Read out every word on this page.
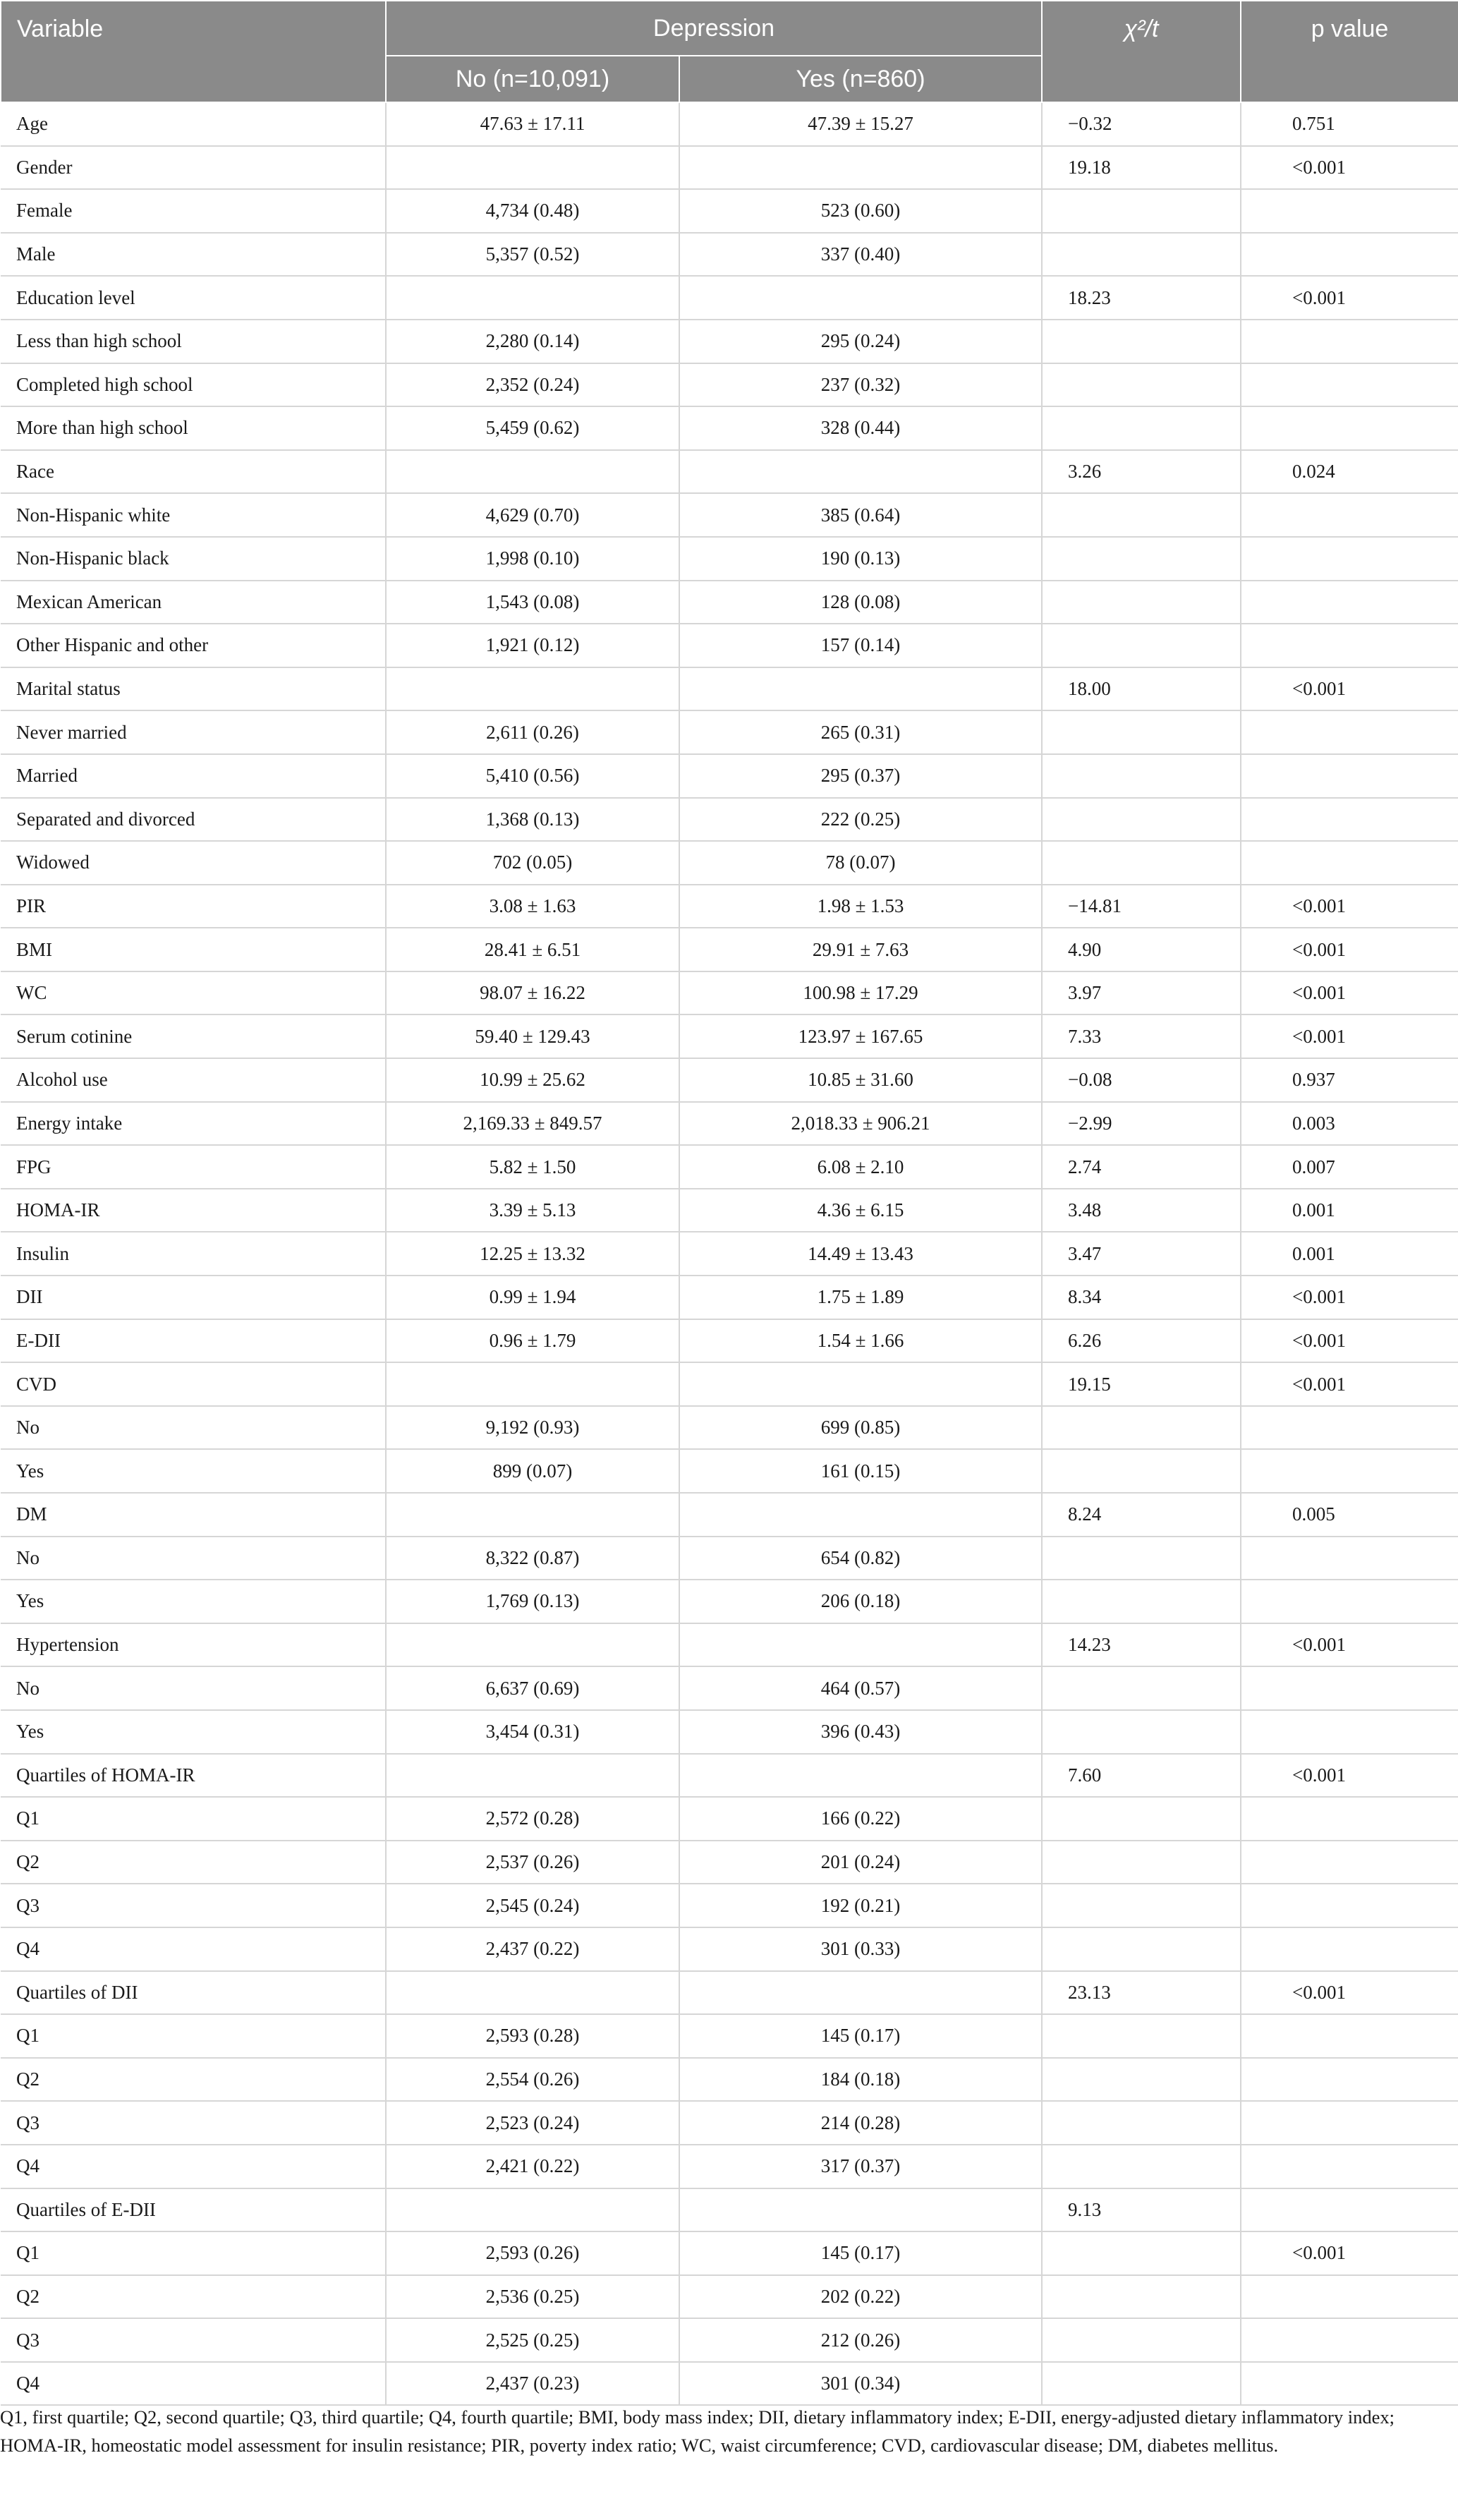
Variable	Depression		χ²/t	p value
	No (n=10,091)	Yes (n=860)		
Age	47.63 ± 17.11	47.39 ± 15.27	−0.32	0.751
Gender			19.18	<0.001
Female	4,734 (0.48)	523 (0.60)		
Male	5,357 (0.52)	337 (0.40)		
Education level			18.23	<0.001
Less than high school	2,280 (0.14)	295 (0.24)		
Completed high school	2,352 (0.24)	237 (0.32)		
More than high school	5,459 (0.62)	328 (0.44)		
Race			3.26	0.024
Non-Hispanic white	4,629 (0.70)	385 (0.64)		
Non-Hispanic black	1,998 (0.10)	190 (0.13)		
Mexican American	1,543 (0.08)	128 (0.08)		
Other Hispanic and other	1,921 (0.12)	157 (0.14)		
Marital status			18.00	<0.001
Never married	2,611 (0.26)	265 (0.31)		
Married	5,410 (0.56)	295 (0.37)		
Separated and divorced	1,368 (0.13)	222 (0.25)		
Widowed	702 (0.05)	78 (0.07)		
PIR	3.08 ± 1.63	1.98 ± 1.53	−14.81	<0.001
BMI	28.41 ± 6.51	29.91 ± 7.63	4.90	<0.001
WC	98.07 ± 16.22	100.98 ± 17.29	3.97	<0.001
Serum cotinine	59.40 ± 129.43	123.97 ± 167.65	7.33	<0.001
Alcohol use	10.99 ± 25.62	10.85 ± 31.60	−0.08	0.937
Energy intake	2,169.33 ± 849.57	2,018.33 ± 906.21	−2.99	0.003
FPG	5.82 ± 1.50	6.08 ± 2.10	2.74	0.007
HOMA-IR	3.39 ± 5.13	4.36 ± 6.15	3.48	0.001
Insulin	12.25 ± 13.32	14.49 ± 13.43	3.47	0.001
DII	0.99 ± 1.94	1.75 ± 1.89	8.34	<0.001
E-DII	0.96 ± 1.79	1.54 ± 1.66	6.26	<0.001
CVD			19.15	<0.001
No	9,192 (0.93)	699 (0.85)		
Yes	899 (0.07)	161 (0.15)		
DM			8.24	0.005
No	8,322 (0.87)	654 (0.82)		
Yes	1,769 (0.13)	206 (0.18)		
Hypertension			14.23	<0.001
No	6,637 (0.69)	464 (0.57)		
Yes	3,454 (0.31)	396 (0.43)		
Quartiles of HOMA-IR			7.60	<0.001
Q1	2,572 (0.28)	166 (0.22)		
Q2	2,537 (0.26)	201 (0.24)		
Q3	2,545 (0.24)	192 (0.21)		
Q4	2,437 (0.22)	301 (0.33)		
Quartiles of DII			23.13	<0.001
Q1	2,593 (0.28)	145 (0.17)		
Q2	2,554 (0.26)	184 (0.18)		
Q3	2,523 (0.24)	214 (0.28)		
Q4	2,421 (0.22)	317 (0.37)		
Quartiles of E-DII			9.13	
Q1	2,593 (0.26)	145 (0.17)		<0.001
Q2	2,536 (0.25)	202 (0.22)		
Q3	2,525 (0.25)	212 (0.26)		
Q4	2,437 (0.23)	301 (0.34)		
Q1, first quartile; Q2, second quartile; Q3, third quartile; Q4, fourth quartile; BMI, body mass index; DII, dietary inflammatory index; E-DII, energy-adjusted dietary inflammatory index; HOMA-IR, homeostatic model assessment for insulin resistance; PIR, poverty index ratio; WC, waist circumference; CVD, cardiovascular disease; DM, diabetes mellitus.
